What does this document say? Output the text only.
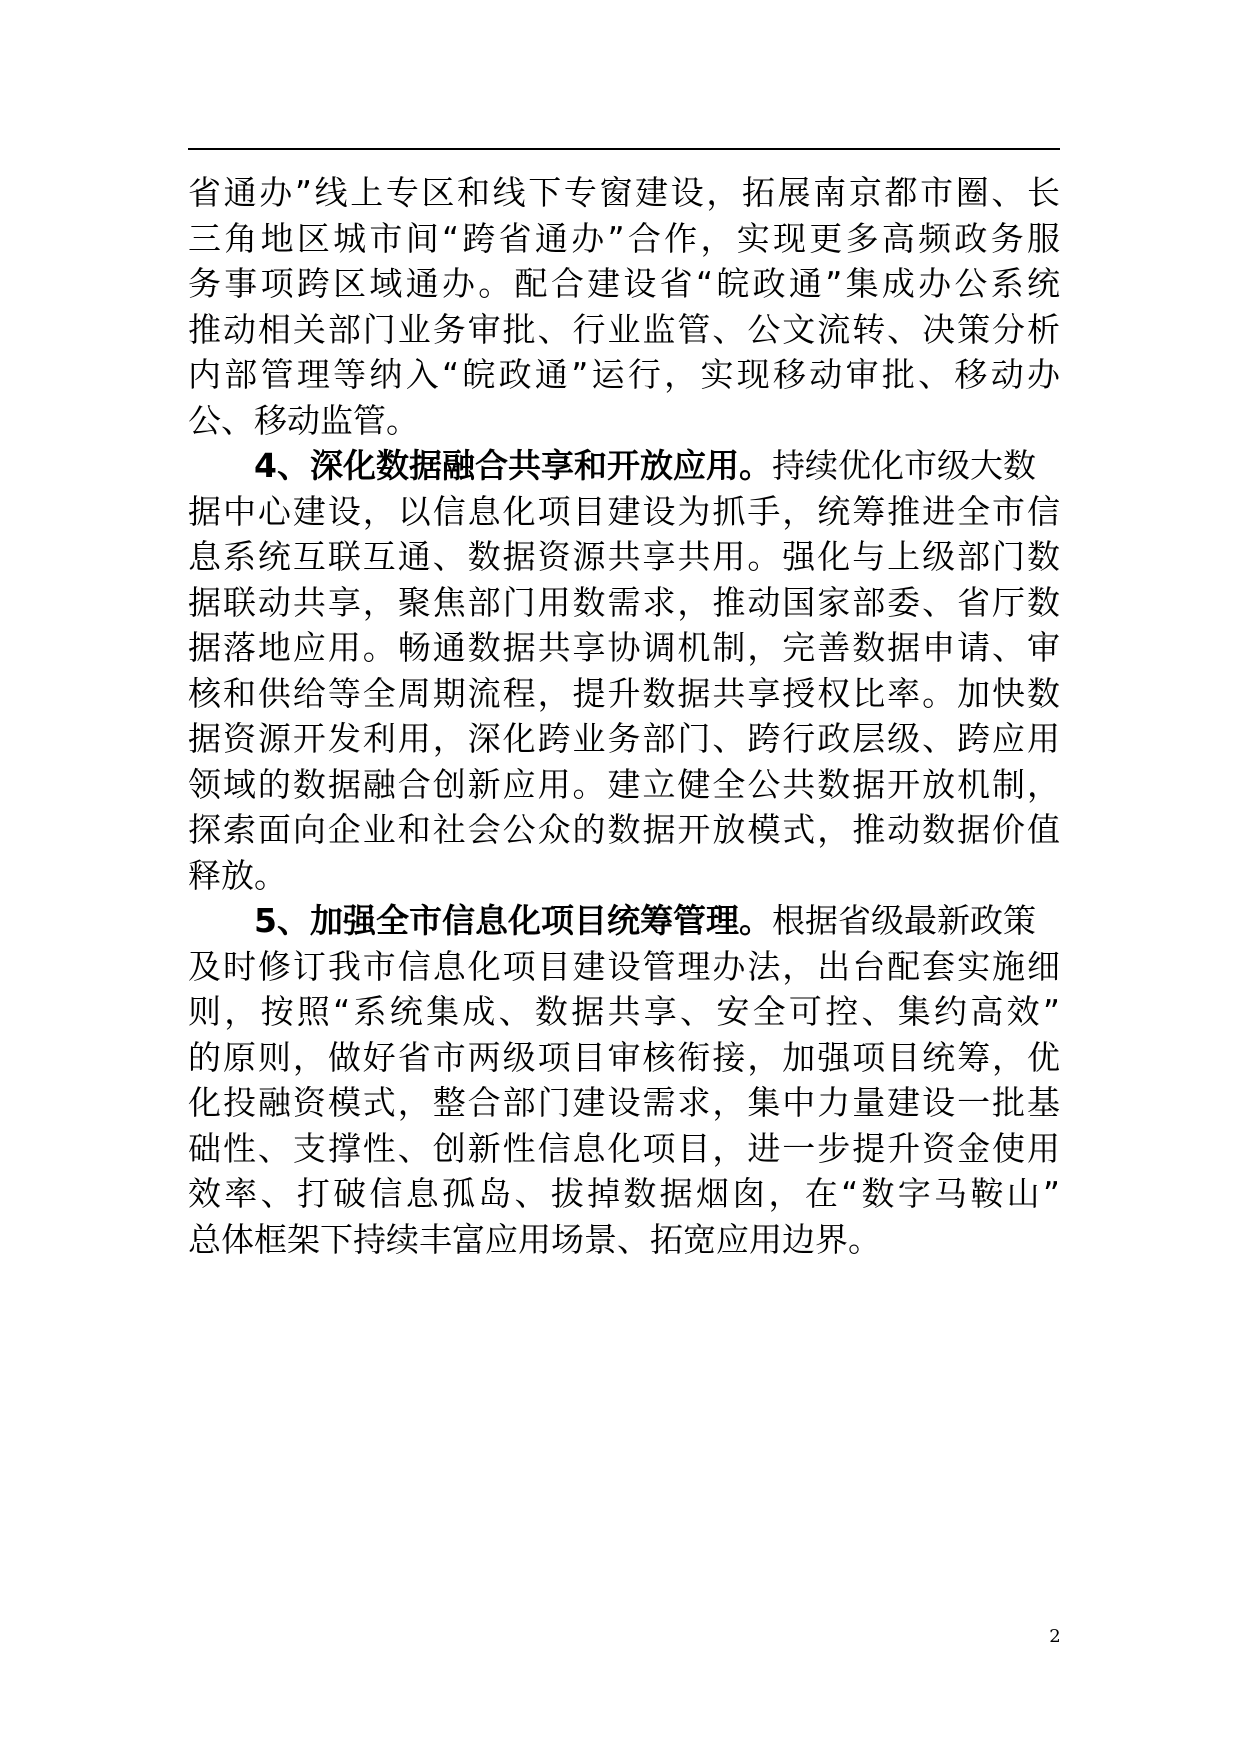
省通办”线上专区和线下专窗建设，拓展南京都市圈、长
三角地区城市间“跨省通办”合作，实现更多高频政务服
务事项跨区域通办。配合建设省“皖政通”集成办公系统
推动相关部门业务审批、行业监管、公文流转、决策分析
内部管理等纳入“皖政通”运行，实现移动审批、移动办
公、移动监管。
4、深化数据融合共享和开放应用。持续优化市级大数
据中心建设，以信息化项目建设为抓手，统筹推进全市信
息系统互联互通、数据资源共享共用。强化与上级部门数
据联动共享，聚焦部门用数需求，推动国家部委、省厅数
据落地应用。畅通数据共享协调机制，完善数据申请、审
核和供给等全周期流程，提升数据共享授权比率。加快数
据资源开发利用，深化跨业务部门、跨行政层级、跨应用
领域的数据融合创新应用。建立健全公共数据开放机制，
探索面向企业和社会公众的数据开放模式，推动数据价值
释放。
5、加强全市信息化项目统筹管理。根据省级最新政策
及时修订我市信息化项目建设管理办法，出台配套实施细
则，按照“系统集成、数据共享、安全可控、集约高效”
的原则，做好省市两级项目审核衔接，加强项目统筹，优
化投融资模式，整合部门建设需求，集中力量建设一批基
础性、支撑性、创新性信息化项目，进一步提升资金使用
效率、打破信息孤岛、拔掉数据烟囱，在“数字马鞍山”
总体框架下持续丰富应用场景、拓宽应用边界。
2
